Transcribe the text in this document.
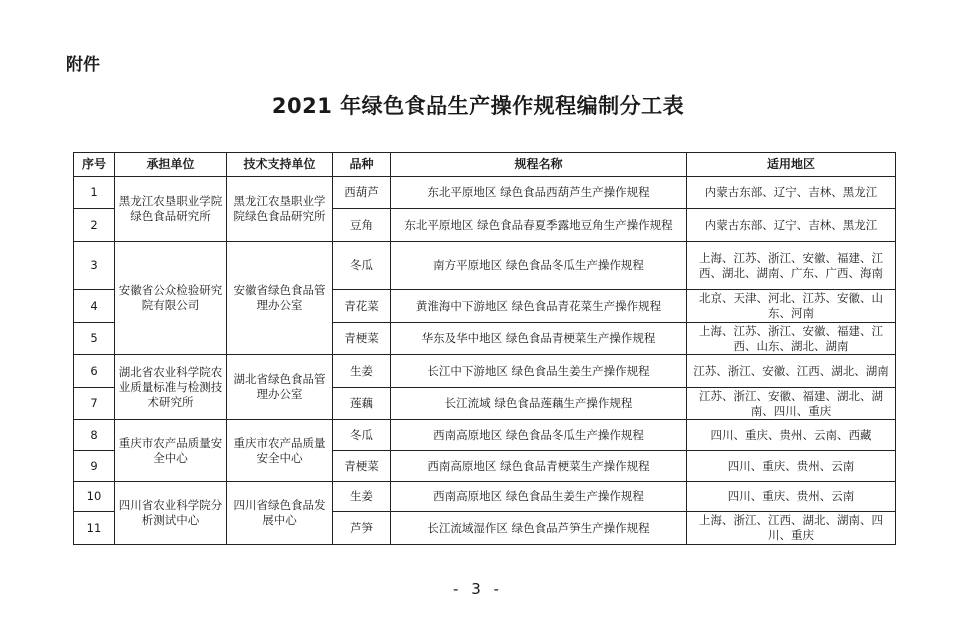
附件
2021 年绿色食品生产操作规程编制分工表
序号	承担单位	技术支持单位	品种	规程名称	适用地区
1	黑龙江农垦职业学院绿色食品研究所	黑龙江农垦职业学院绿色食品研究所	西葫芦	东北平原地区 绿色食品西葫芦生产操作规程	内蒙古东部、辽宁、吉林、黑龙江
2			豆角	东北平原地区 绿色食品春夏季露地豆角生产操作规程	内蒙古东部、辽宁、吉林、黑龙江
3	安徽省公众检验研究院有限公司	安徽省绿色食品管理办公室	冬瓜	南方平原地区 绿色食品冬瓜生产操作规程	上海、江苏、浙江、安徽、福建、江西、湖北、湖南、广东、广西、海南
4			青花菜	黄淮海中下游地区 绿色食品青花菜生产操作规程	北京、天津、河北、江苏、安徽、山东、河南
5			青梗菜	华东及华中地区 绿色食品青梗菜生产操作规程	上海、江苏、浙江、安徽、福建、江西、山东、湖北、湖南
6	湖北省农业科学院农业质量标准与检测技术研究所	湖北省绿色食品管理办公室	生姜	长江中下游地区 绿色食品生姜生产操作规程	江苏、浙江、安徽、江西、湖北、湖南
7			莲藕	长江流域 绿色食品莲藕生产操作规程	江苏、浙江、安徽、福建、湖北、湖南、四川、重庆
8	重庆市农产品质量安全中心	重庆市农产品质量安全中心	冬瓜	西南高原地区 绿色食品冬瓜生产操作规程	四川、重庆、贵州、云南、西藏
9			青梗菜	西南高原地区 绿色食品青梗菜生产操作规程	四川、重庆、贵州、云南
10	四川省农业科学院分析测试中心	四川省绿色食品发展中心	生姜	西南高原地区 绿色食品生姜生产操作规程	四川、重庆、贵州、云南
11			芦笋	长江流域湿作区 绿色食品芦笋生产操作规程	上海、浙江、江西、湖北、湖南、四川、重庆
- 3 -
